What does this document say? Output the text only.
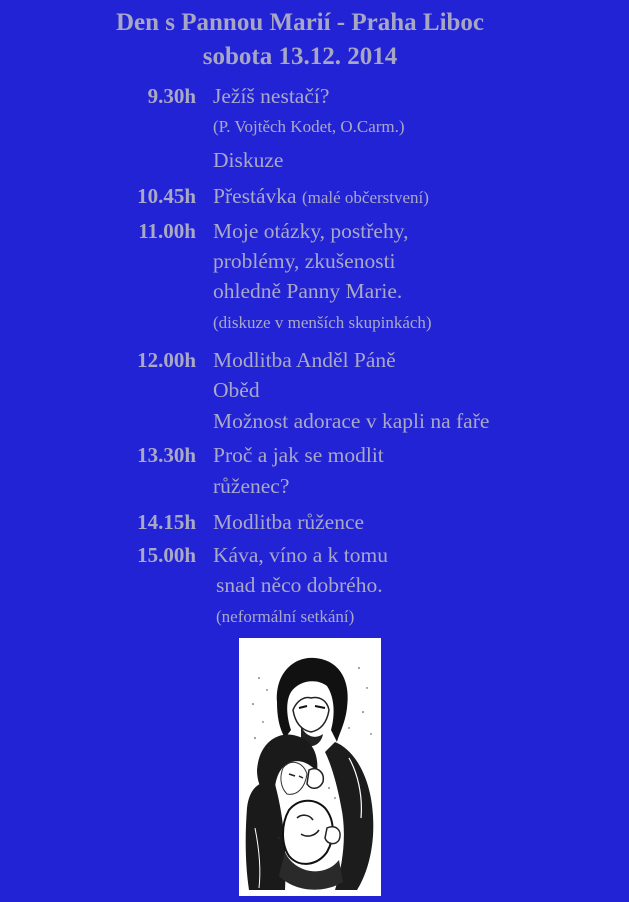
Den s Pannou Marií - Praha Liboc
sobota 13.12. 2014
9.30h Ježíš nestačí?
(P. Vojtěch Kodet, O.Carm.)
Diskuze
10.45h Přestávka (malé občerstvení)
11.00h Moje otázky, postřehy,
problémy, zkušenosti
ohledně Panny Marie.
(diskuze v menších skupinkách)
12.00h Modlitba Anděl Páně
Oběd
Možnost adorace v kapli na faře
13.30h Proč a jak se modlit
růženec?
14.15h Modlitba růžence
15.00h Káva, víno a k tomu
snad něco dobrého.
(neformální setkání)
